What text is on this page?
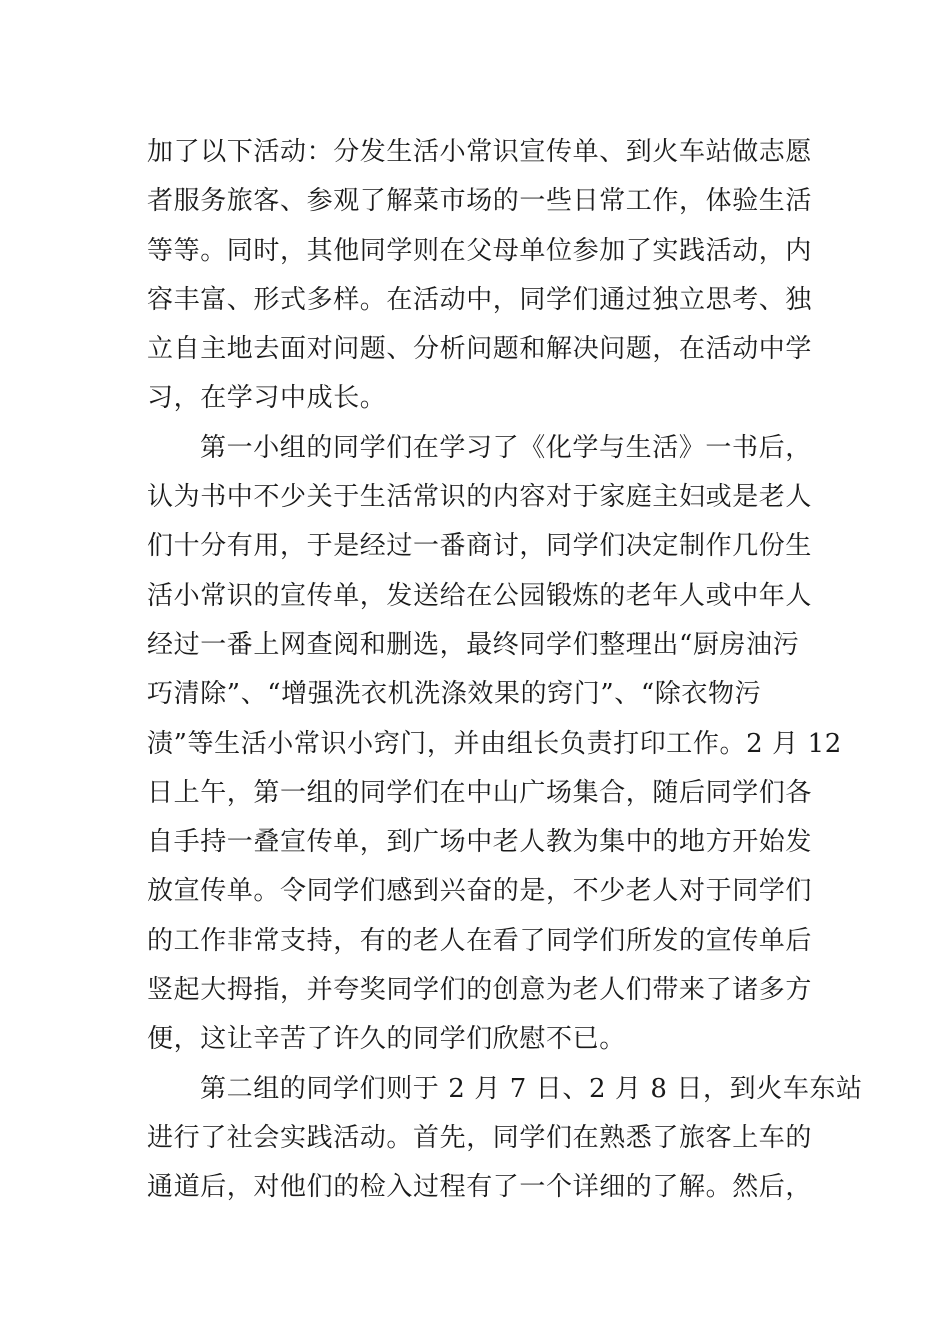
加了以下活动：分发生活小常识宣传单、到火车站做志愿
者服务旅客、参观了解菜市场的一些日常工作，体验生活
等等。同时，其他同学则在父母单位参加了实践活动，内
容丰富、形式多样。在活动中，同学们通过独立思考、独
立自主地去面对问题、分析问题和解决问题，在活动中学
习，在学习中成长。
第一小组的同学们在学习了《化学与生活》一书后，
认为书中不少关于生活常识的内容对于家庭主妇或是老人
们十分有用，于是经过一番商讨，同学们决定制作几份生
活小常识的宣传单，发送给在公园锻炼的老年人或中年人
经过一番上网查阅和删选，最终同学们整理出“厨房油污
巧清除”、“增强洗衣机洗涤效果的窍门”、“除衣物污
渍”等生活小常识小窍门，并由组长负责打印工作。2 月 12
日上午，第一组的同学们在中山广场集合，随后同学们各
自手持一叠宣传单，到广场中老人教为集中的地方开始发
放宣传单。令同学们感到兴奋的是，不少老人对于同学们
的工作非常支持，有的老人在看了同学们所发的宣传单后
竖起大拇指，并夸奖同学们的创意为老人们带来了诸多方
便，这让辛苦了许久的同学们欣慰不已。
第二组的同学们则于 2 月 7 日、2 月 8 日，到火车东站
进行了社会实践活动。首先，同学们在熟悉了旅客上车的
通道后，对他们的检入过程有了一个详细的了解。然后，
